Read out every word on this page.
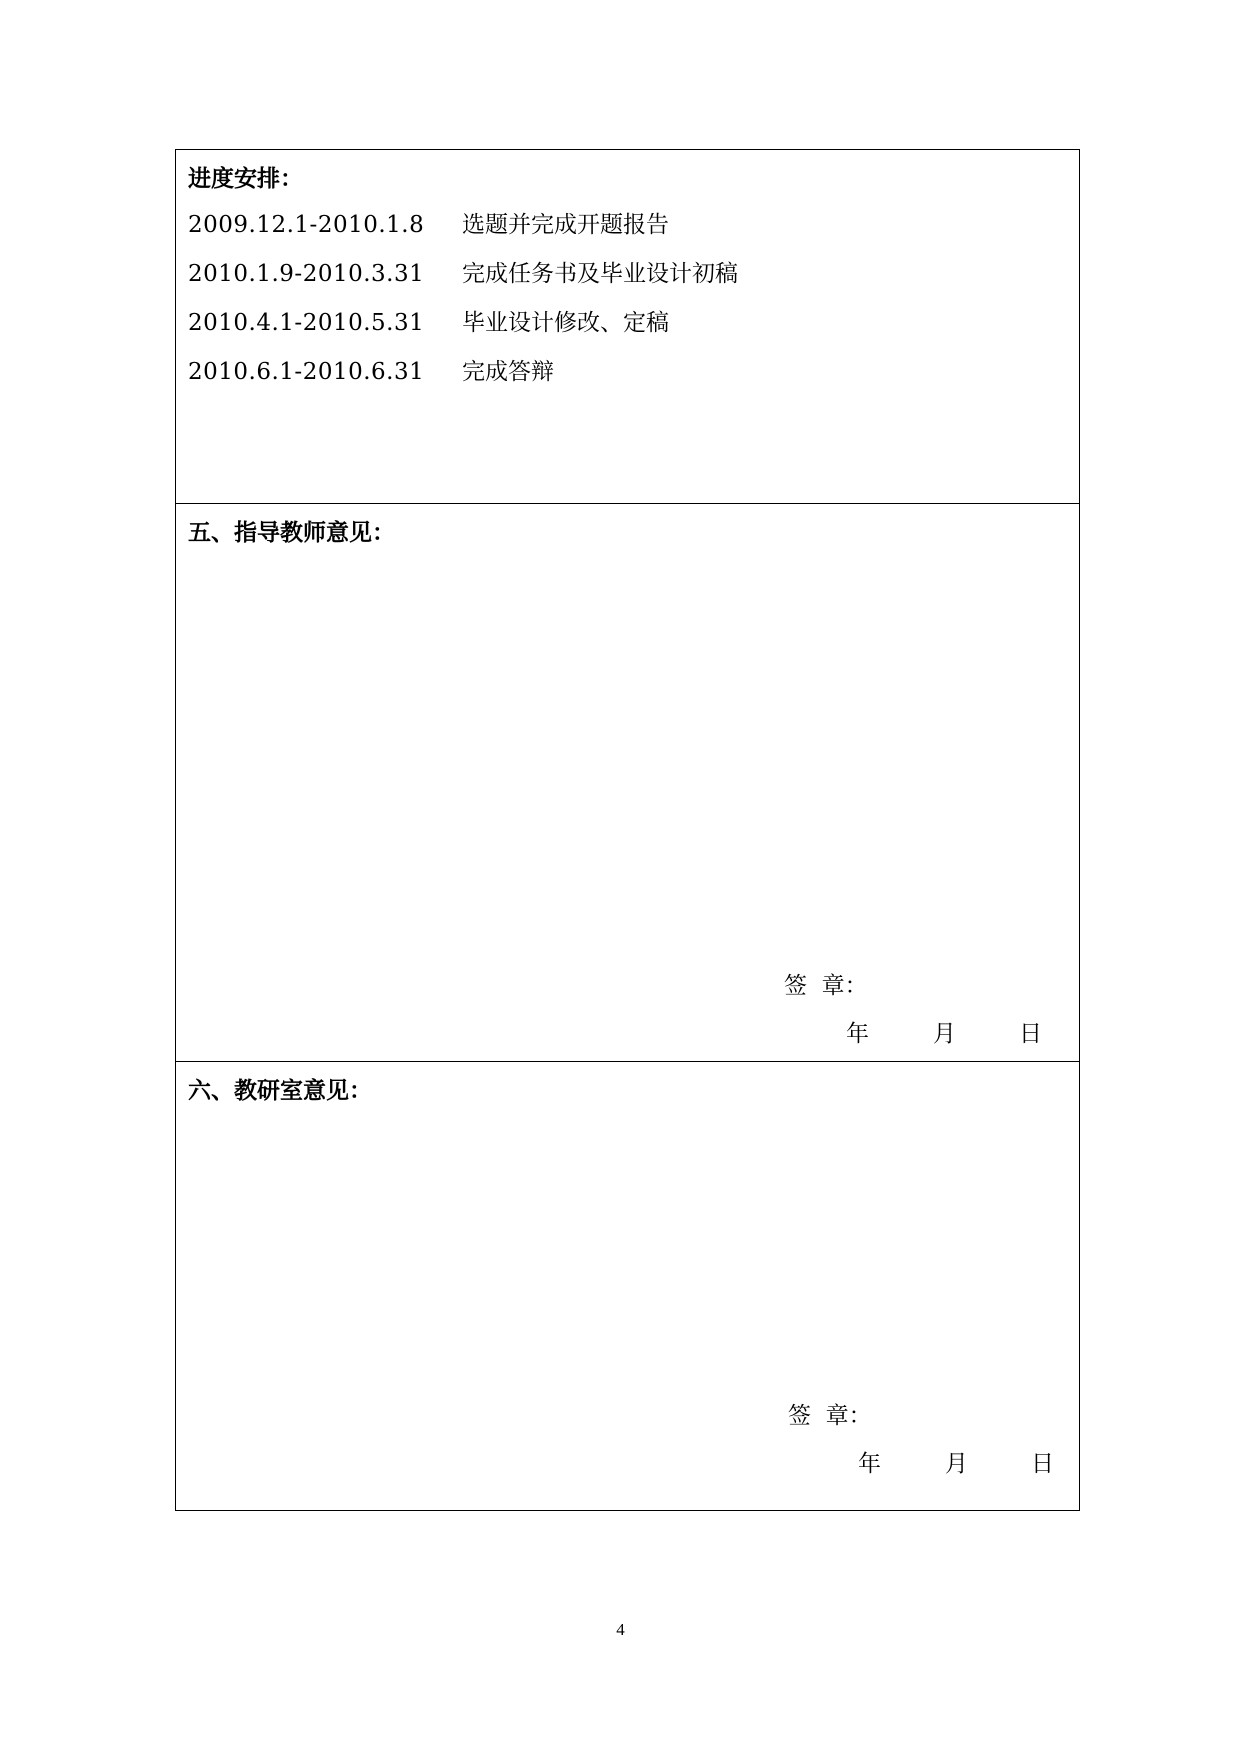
进度安排：
2009.12.1-2010.1.8 选题并完成开题报告
2010.1.9-2010.3.31 完成任务书及毕业设计初稿
2010.4.1-2010.5.31 毕业设计修改、定稿
2010.6.1-2010.6.31 完成答辩
五、指导教师意见：
签  章：
年	月	日
六、教研室意见：
签  章：
年	月	日
4
